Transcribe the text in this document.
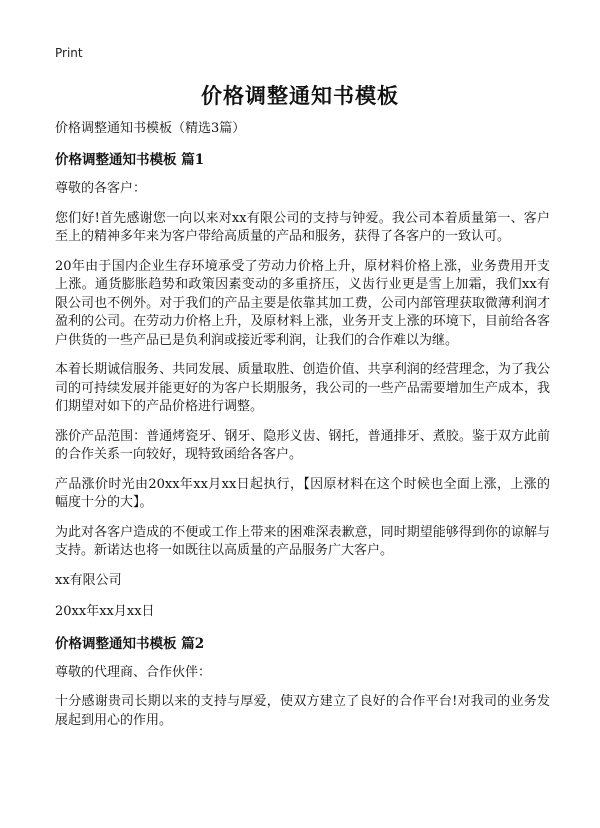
Print
价格调整通知书模板
价格调整通知书模板（精选3篇）
价格调整通知书模板 篇1
尊敬的各客户：
您们好!首先感谢您一向以来对xx有限公司的支持与钟爱。我公司本着质量第一、客户至上的精神多年来为客户带给高质量的产品和服务，获得了各客户的一致认可。
20年由于国内企业生存环境承受了劳动力价格上升，原材料价格上涨，业务费用开支上涨。通货膨胀趋势和政策因素变动的多重挤压，义齿行业更是雪上加霜，我们xx有限公司也不例外。对于我们的产品主要是依靠其加工费，公司内部管理获取微薄利润才盈利的公司。在劳动力价格上升，及原材料上涨，业务开支上涨的环境下，目前给各客户供货的一些产品已是负利润或接近零利润，让我们的合作难以为继。
本着长期诚信服务、共同发展、质量取胜、创造价值、共享利润的经营理念，为了我公司的可持续发展并能更好的为客户长期服务，我公司的一些产品需要增加生产成本，我们期望对如下的产品价格进行调整。
涨价产品范围：普通烤瓷牙、钢牙、隐形义齿、钢托，普通排牙、煮胶。鉴于双方此前的合作关系一向较好，现特致函给各客户。
产品涨价时光由20xx年xx月xx日起执行，【因原材料在这个时候也全面上涨，上涨的幅度十分的大】。
为此对各客户造成的不便或工作上带来的困难深表歉意，同时期望能够得到你的谅解与支持。新诺达也将一如既往以高质量的产品服务广大客户。
xx有限公司
20xx年xx月xx日
价格调整通知书模板 篇2
尊敬的代理商、合作伙伴：
十分感谢贵司长期以来的支持与厚爱，使双方建立了良好的合作平台!对我司的业务发展起到用心的作用。
